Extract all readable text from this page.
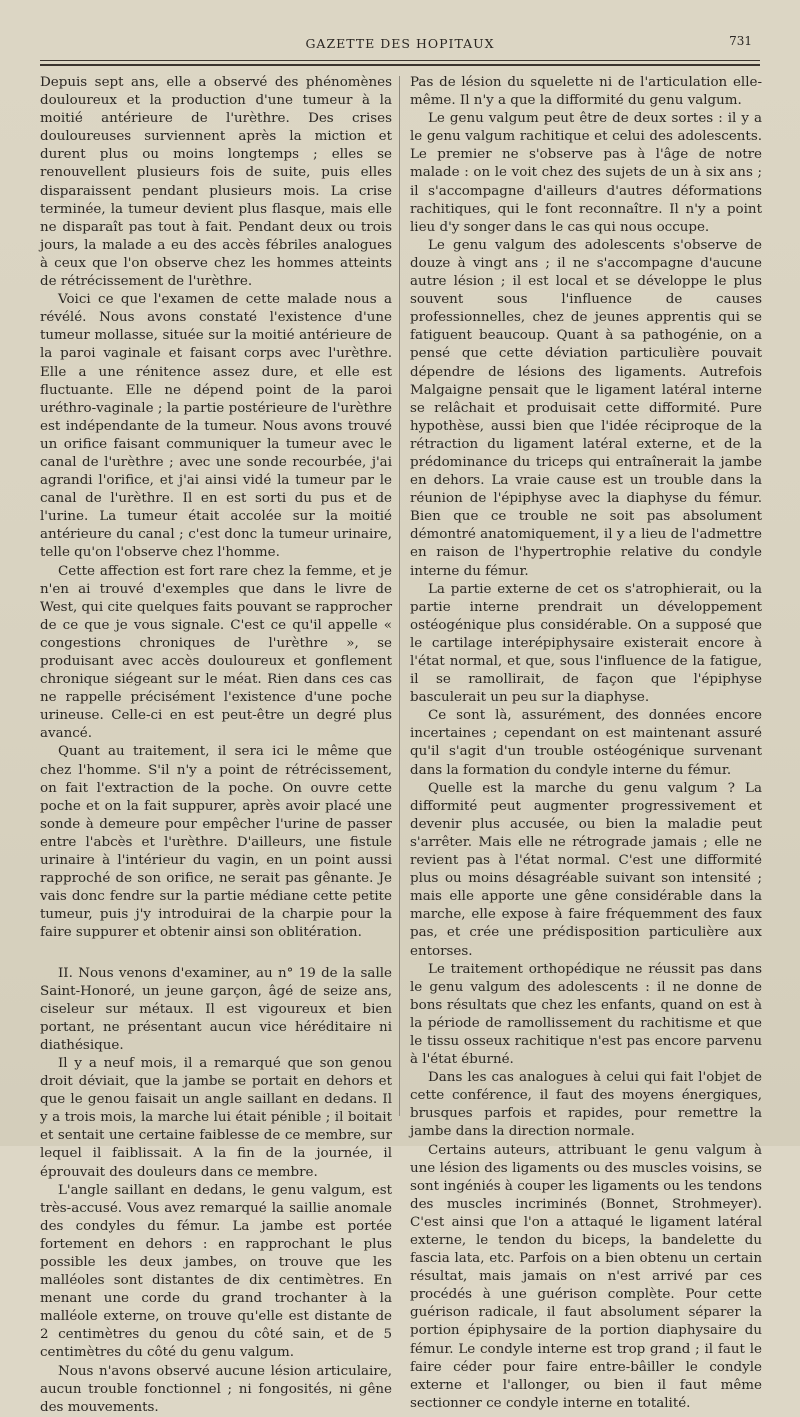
GAZETTE DES HOPITAUX	731

Depuis sept ans, elle a observé des phénomènes douloureux et la production d'une tumeur à la moitié antérieure de l'urèthre. Des crises douloureuses surviennent après la miction et durent plus ou moins longtemps ; elles se renouvellent plusieurs fois de suite, puis elles disparaissent pendant plusieurs mois. La crise terminée, la tumeur devient plus flasque, mais elle ne disparaît pas tout à fait. Pendant deux ou trois jours, la malade a eu des accès fébriles analogues à ceux que l'on observe chez les hommes atteints de rétrécissement de l'urèthre.

Voici ce que l'examen de cette malade nous a révélé. Nous avons constaté l'existence d'une tumeur mollasse, située sur la moitié antérieure de la paroi vaginale et faisant corps avec l'urèthre. Elle a une rénitence assez dure, et elle est fluctuante. Elle ne dépend point de la paroi uréthro-vaginale ; la partie postérieure de l'urèthre est indépendante de la tumeur. Nous avons trouvé un orifice faisant communiquer la tumeur avec le canal de l'urèthre ; avec une sonde recourbée, j'ai agrandi l'orifice, et j'ai ainsi vidé la tumeur par le canal de l'urèthre. Il en est sorti du pus et de l'urine. La tumeur était accolée sur la moitié antérieure du canal ; c'est donc la tumeur urinaire, telle qu'on l'observe chez l'homme.

Cette affection est fort rare chez la femme, et je n'en ai trouvé d'exemples que dans le livre de West, qui cite quelques faits pouvant se rapprocher de ce que je vous signale. C'est ce qu'il appelle « congestions chroniques de l'urèthre », se produisant avec accès douloureux et gonflement chronique siégeant sur le méat. Rien dans ces cas ne rappelle précisément l'existence d'une poche urineuse. Celle-ci en est peut-être un degré plus avancé.

Quant au traitement, il sera ici le même que chez l'homme. S'il n'y a point de rétrécissement, on fait l'extraction de la poche. On ouvre cette poche et on la fait suppurer, après avoir placé une sonde à demeure pour empêcher l'urine de passer entre l'abcès et l'urèthre. D'ailleurs, une fistule urinaire à l'intérieur du vagin, en un point aussi rapproché de son orifice, ne serait pas gênante. Je vais donc fendre sur la partie médiane cette petite tumeur, puis j'y introduirai de la charpie pour la faire suppurer et obtenir ainsi son oblitération.

II. Nous venons d'examiner, au n° 19 de la salle Saint-Honoré, un jeune garçon, âgé de seize ans, ciseleur sur métaux. Il est vigoureux et bien portant, ne présentant aucun vice héréditaire ni diathésique.

Il y a neuf mois, il a remarqué que son genou droit déviait, que la jambe se portait en dehors et que le genou faisait un angle saillant en dedans. Il y a trois mois, la marche lui était pénible ; il boitait et sentait une certaine faiblesse de ce membre, sur lequel il faiblissait. A la fin de la journée, il éprouvait des douleurs dans ce membre.

L'angle saillant en dedans, le genu valgum, est très-accusé. Vous avez remarqué la saillie anomale des condyles du fémur. La jambe est portée fortement en dehors : en rapprochant le plus possible les deux jambes, on trouve que les malléoles sont distantes de dix centimètres. En menant une corde du grand trochanter à la malléole externe, on trouve qu'elle est distante de 2 centimètres du genou du côté sain, et de 5 centimètres du côté du genu valgum.

Nous n'avons observé aucune lésion articulaire, aucun trouble fonctionnel ; ni fongosités, ni gêne des mouvements.

Pas de lésion du squelette ni de l'articulation elle-même. Il n'y a que la difformité du genu valgum.

Le genu valgum peut être de deux sortes : il y a le genu valgum rachitique et celui des adolescents. Le premier ne s'observe pas à l'âge de notre malade : on le voit chez des sujets de un à six ans ; il s'accompagne d'ailleurs d'autres déformations rachitiques, qui le font reconnaître. Il n'y a point lieu d'y songer dans le cas qui nous occupe.

Le genu valgum des adolescents s'observe de douze à vingt ans ; il ne s'accompagne d'aucune autre lésion ; il est local et se développe le plus souvent sous l'influence de causes professionnelles, chez de jeunes apprentis qui se fatiguent beaucoup. Quant à sa pathogénie, on a pensé que cette déviation particulière pouvait dépendre de lésions des ligaments. Autrefois Malgaigne pensait que le ligament latéral interne se relâchait et produisait cette difformité. Pure hypothèse, aussi bien que l'idée réciproque de la rétraction du ligament latéral externe, et de la prédominance du triceps qui entraînerait la jambe en dehors. La vraie cause est un trouble dans la réunion de l'épiphyse avec la diaphyse du fémur. Bien que ce trouble ne soit pas absolument démontré anatomiquement, il y a lieu de l'admettre en raison de l'hypertrophie relative du condyle interne du fémur.

La partie externe de cet os s'atrophierait, ou la partie interne prendrait un développement ostéogénique plus considérable. On a supposé que le cartilage interépiphysaire existerait encore à l'état normal, et que, sous l'influence de la fatigue, il se ramollirait, de façon que l'épiphyse basculerait un peu sur la diaphyse.

Ce sont là, assurément, des données encore incertaines ; cependant on est maintenant assuré qu'il s'agit d'un trouble ostéogénique survenant dans la formation du condyle interne du fémur.

Quelle est la marche du genu valgum ? La difformité peut augmenter progressivement et devenir plus accusée, ou bien la maladie peut s'arrêter. Mais elle ne rétrograde jamais ; elle ne revient pas à l'état normal. C'est une difformité plus ou moins désagréable suivant son intensité ; mais elle apporte une gêne considérable dans la marche, elle expose à faire fréquemment des faux pas, et crée une prédisposition particulière aux entorses.

Le traitement orthopédique ne réussit pas dans le genu valgum des adolescents : il ne donne de bons résultats que chez les enfants, quand on est à la période de ramollissement du rachitisme et que le tissu osseux rachitique n'est pas encore parvenu à l'état éburné.

Dans les cas analogues à celui qui fait l'objet de cette conférence, il faut des moyens énergiques, brusques parfois et rapides, pour remettre la jambe dans la direction normale.

Certains auteurs, attribuant le genu valgum à une lésion des ligaments ou des muscles voisins, se sont ingéniés à couper les ligaments ou les tendons des muscles incriminés (Bonnet, Strohmeyer). C'est ainsi que l'on a attaqué le ligament latéral externe, le tendon du biceps, la bandelette du fascia lata, etc. Parfois on a bien obtenu un certain résultat, mais jamais on n'est arrivé par ces procédés à une guérison complète. Pour cette guérison radicale, il faut absolument séparer la portion épiphysaire de la portion diaphysaire du fémur. Le condyle interne est trop grand ; il faut le faire céder pour faire entre-bâiller le condyle externe et l'allonger, ou bien il faut même sectionner ce condyle interne en totalité.
